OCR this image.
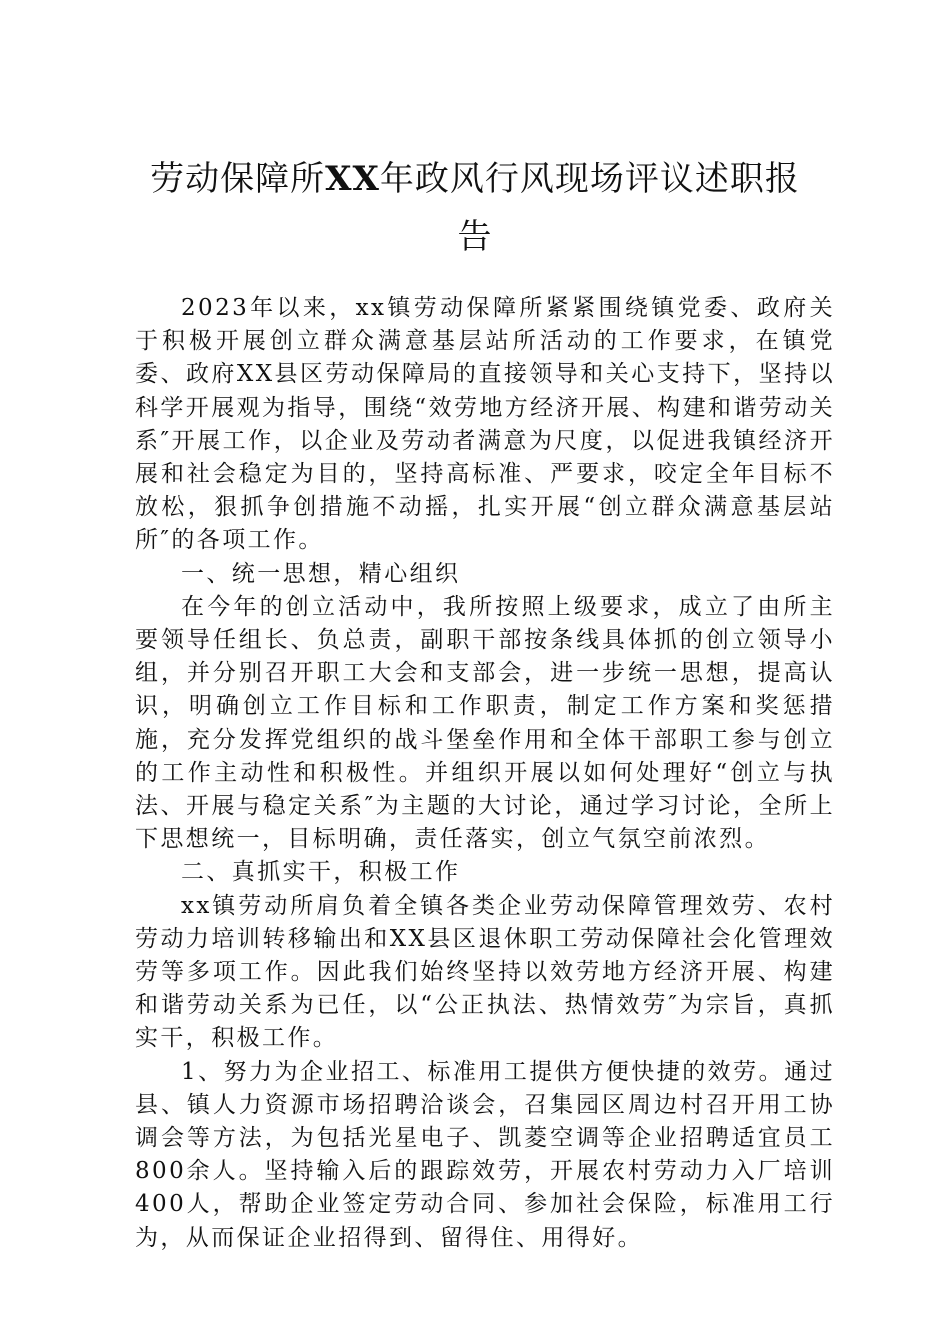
劳动保障所XX年政风行风现场评议述职报
告

2023年以来，xx镇劳动保障所紧紧围绕镇党委、政府关于积极开展创立群众满意基层站所活动的工作要求，在镇党委、政府XX县区劳动保障局的直接领导和关心支持下，坚持以科学开展观为指导，围绕“效劳地方经济开展、构建和谐劳动关系″开展工作，以企业及劳动者满意为尺度，以促进我镇经济开展和社会稳定为目的，坚持高标准、严要求，咬定全年目标不放松，狠抓争创措施不动摇，扎实开展“创立群众满意基层站所″的各项工作。

一、统一思想，精心组织

在今年的创立活动中，我所按照上级要求，成立了由所主要领导任组长、负总责，副职干部按条线具体抓的创立领导小组，并分别召开职工大会和支部会，进一步统一思想，提高认识，明确创立工作目标和工作职责，制定工作方案和奖惩措施，充分发挥党组织的战斗堡垒作用和全体干部职工参与创立的工作主动性和积极性。并组织开展以如何处理好“创立与执法、开展与稳定关系″为主题的大讨论，通过学习讨论，全所上下思想统一，目标明确，责任落实，创立气氛空前浓烈。

二、真抓实干，积极工作

xx镇劳动所肩负着全镇各类企业劳动保障管理效劳、农村劳动力培训转移输出和XX县区退休职工劳动保障社会化管理效劳等多项工作。因此我们始终坚持以效劳地方经济开展、构建和谐劳动关系为已任，以“公正执法、热情效劳″为宗旨，真抓实干，积极工作。

1、努力为企业招工、标准用工提供方便快捷的效劳。通过县、镇人力资源市场招聘洽谈会，召集园区周边村召开用工协调会等方法，为包括光星电子、凯菱空调等企业招聘适宜员工800余人。坚持输入后的跟踪效劳，开展农村劳动力入厂培训400人，帮助企业签定劳动合同、参加社会保险，标准用工行为，从而保证企业招得到、留得住、用得好。
